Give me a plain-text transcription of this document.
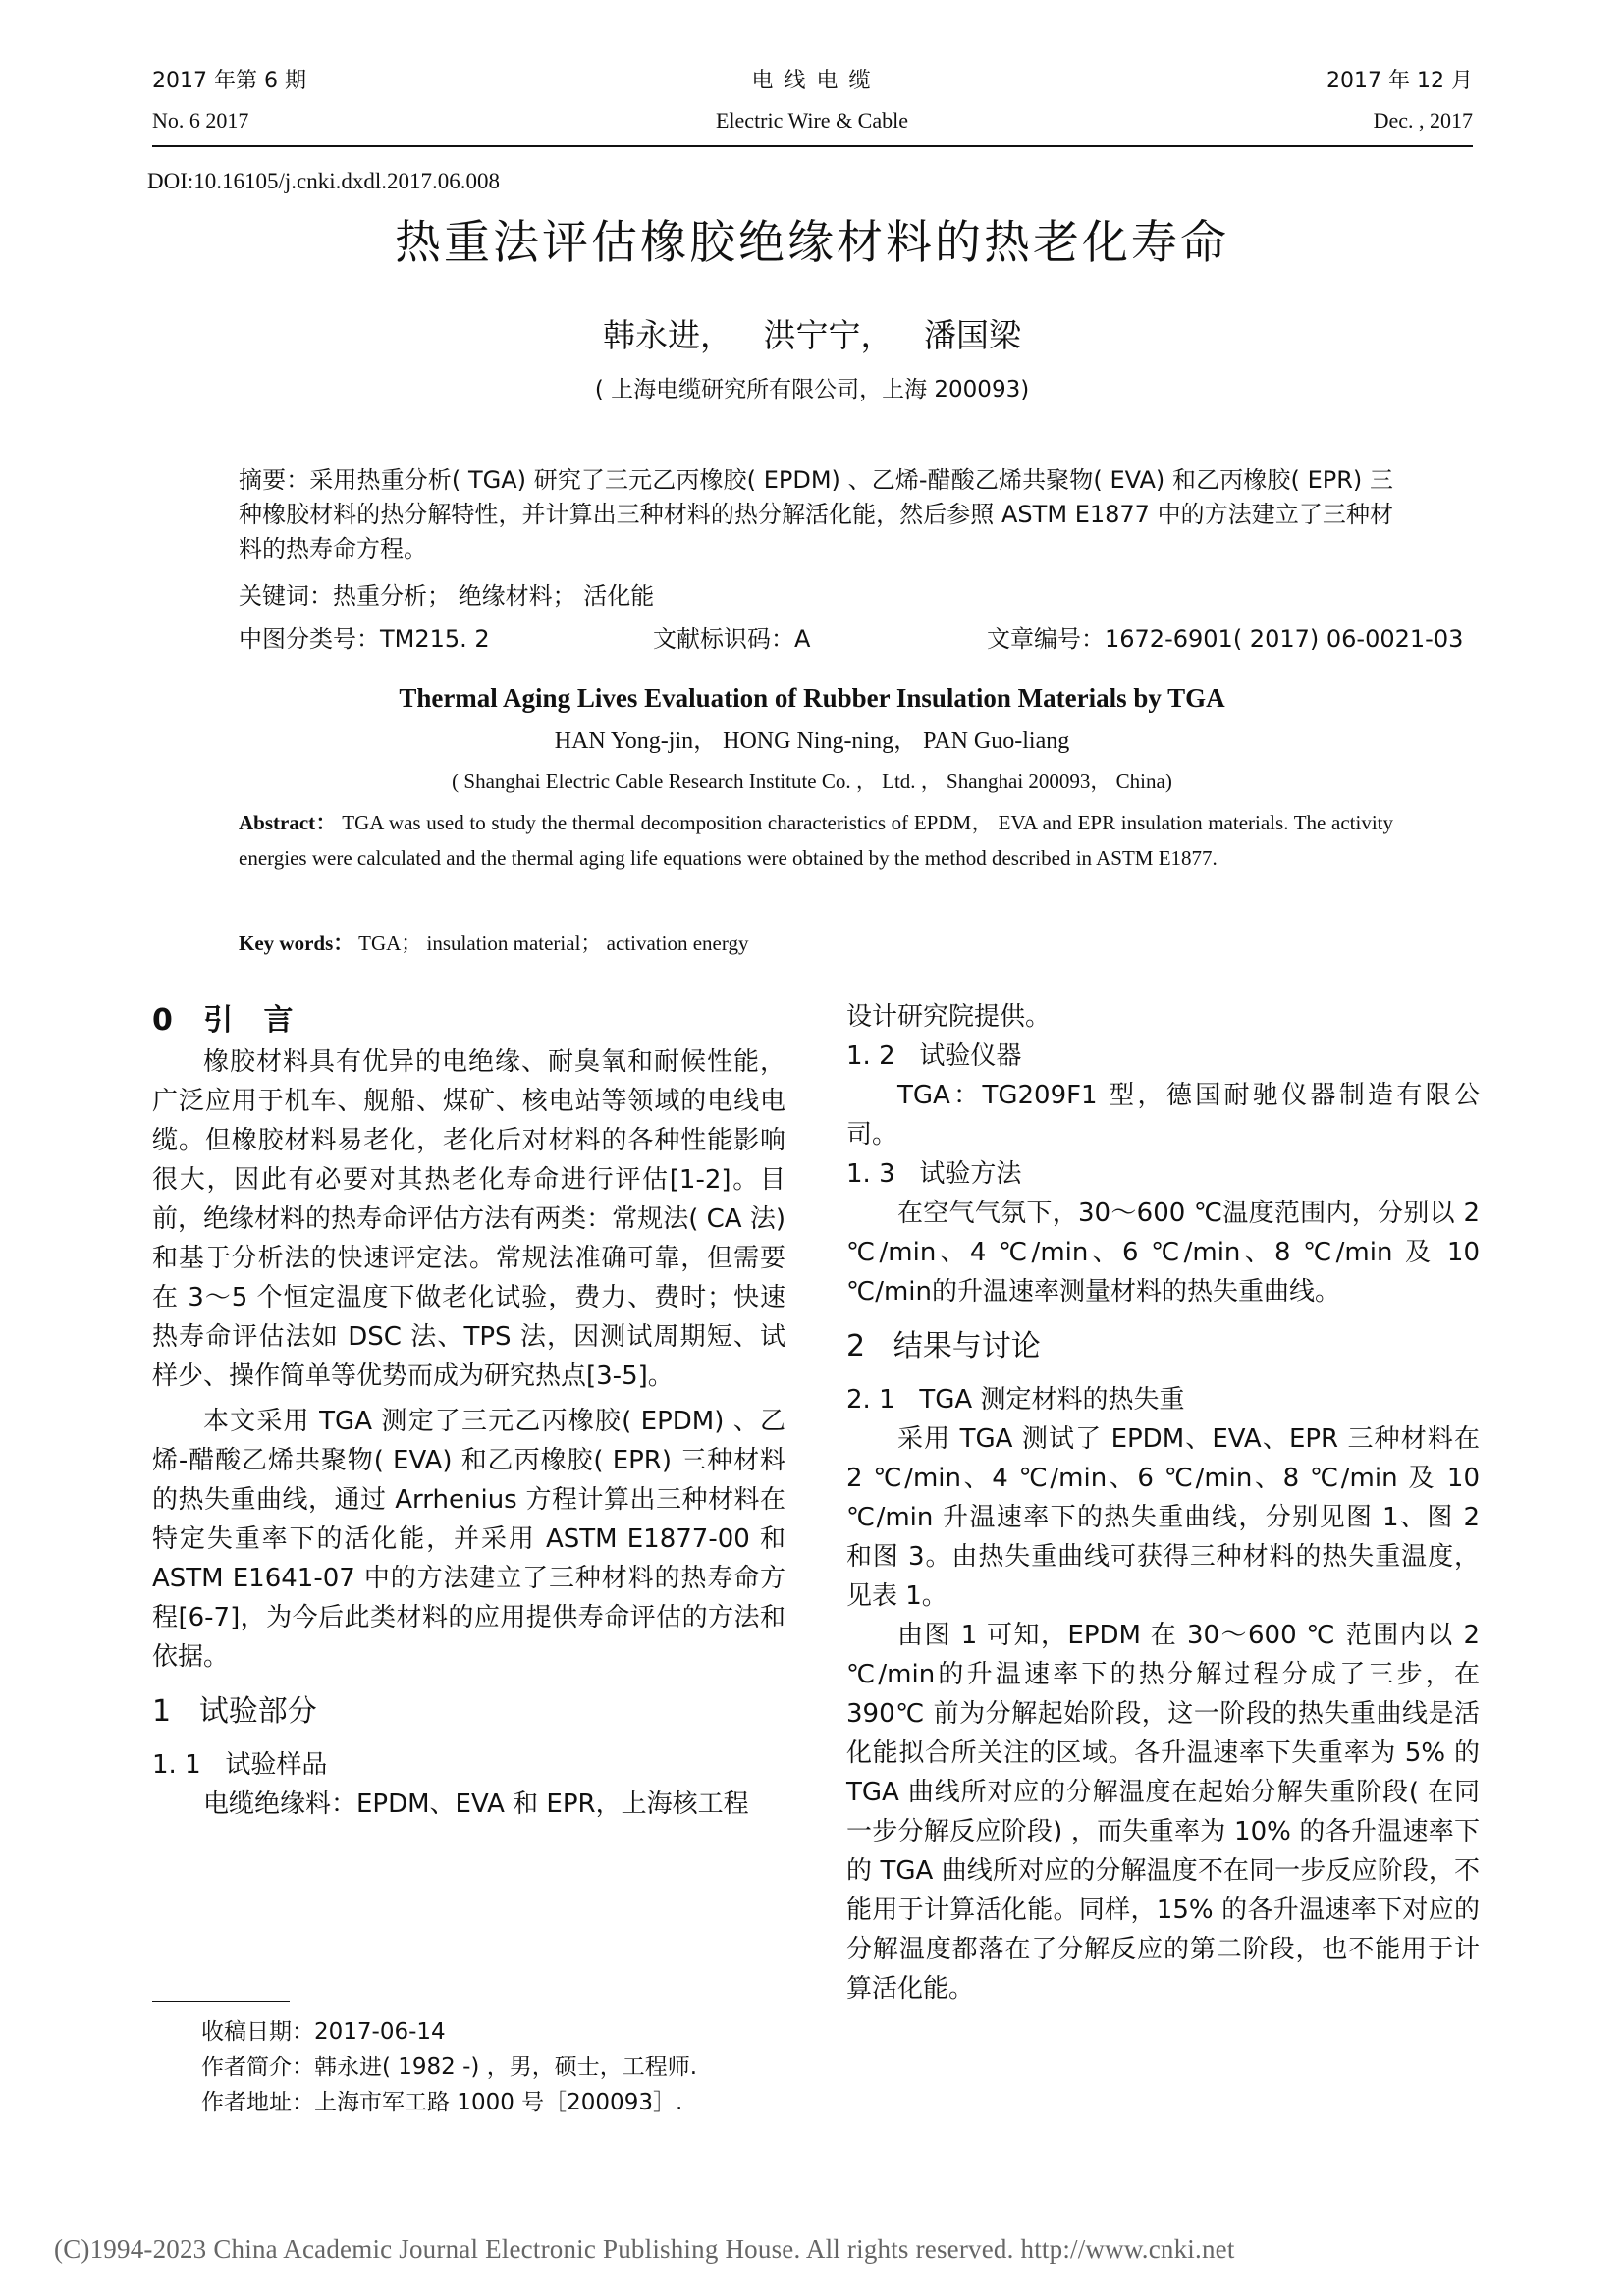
2017 年第 6 期
No. 6 2017
电 线 电 缆
Electric Wire & Cable
2017 年 12 月
Dec. , 2017
DOI:10.16105/j.cnki.dxdl.2017.06.008
热重法评估橡胶绝缘材料的热老化寿命
韩永进，   洪宁宁，   潘国梁
( 上海电缆研究所有限公司，上海 200093)
摘要：采用热重分析( TGA) 研究了三元乙丙橡胶( EPDM) 、乙烯-醋酸乙烯共聚物( EVA) 和乙丙橡胶( EPR) 三种橡胶材料的热分解特性，并计算出三种材料的热分解活化能，然后参照 ASTM E1877 中的方法建立了三种材料的热寿命方程。
关键词：热重分析； 绝缘材料； 活化能
中图分类号：TM215. 2	文献标识码：A	文章编号：1672-6901( 2017) 06-0021-03
Thermal Aging Lives Evaluation of Rubber Insulation Materials by TGA
HAN Yong-jin， HONG Ning-ning， PAN Guo-liang
( Shanghai Electric Cable Research Institute Co. ， Ltd. ， Shanghai 200093， China)
Abstract： TGA was used to study the thermal decomposition characteristics of EPDM， EVA and EPR insulation materials. The activity energies were calculated and the thermal aging life equations were obtained by the method described in ASTM E1877.
Key words： TGA； insulation material； activation energy
0   引   言

橡胶材料具有优异的电绝缘、耐臭氧和耐候性能，广泛应用于机车、舰船、煤矿、核电站等领域的电线电缆。但橡胶材料易老化，老化后对材料的各种性能影响很大，因此有必要对其热老化寿命进行评估[1-2]。目前，绝缘材料的热寿命评估方法有两类：常规法( CA 法) 和基于分析法的快速评定法。常规法准确可靠，但需要在 3～5 个恒定温度下做老化试验，费力、费时；快速热寿命评估法如 DSC 法、TPS 法，因测试周期短、试样少、操作简单等优势而成为研究热点[3-5]。

本文采用 TGA 测定了三元乙丙橡胶( EPDM) 、乙烯-醋酸乙烯共聚物( EVA) 和乙丙橡胶( EPR) 三种材料的热失重曲线，通过 Arrhenius 方程计算出三种材料在特定失重率下的活化能，并采用 ASTM E1877-00 和 ASTM E1641-07 中的方法建立了三种材料的热寿命方程[6-7]，为今后此类材料的应用提供寿命评估的方法和依据。

1   试验部分
1. 1   试验样品

电缆绝缘料：EPDM、EVA 和 EPR，上海核工程

收稿日期：2017-06-14
作者简介：韩永进( 1982 -) ，男，硕士，工程师.
作者地址：上海市军工路 1000 号［200093］.

设计研究院提供。

1. 2   试验仪器

TGA：TG209F1 型，德国耐驰仪器制造有限公司。

1. 3   试验方法

在空气气氛下，30～600 ℃温度范围内，分别以 2 ℃/min、4 ℃/min、6 ℃/min、8 ℃/min 及 10 ℃/min的升温速率测量材料的热失重曲线。

2   结果与讨论
2. 1   TGA 测定材料的热失重

采用 TGA 测试了 EPDM、EVA、EPR 三种材料在 2 ℃/min、4 ℃/min、6 ℃/min、8 ℃/min 及 10 ℃/min 升温速率下的热失重曲线，分别见图 1、图 2 和图 3。由热失重曲线可获得三种材料的热失重温度，见表 1。

由图 1 可知，EPDM 在 30～600 ℃ 范围内以 2 ℃/min的升温速率下的热分解过程分成了三步，在 390℃ 前为分解起始阶段，这一阶段的热失重曲线是活化能拟合所关注的区域。各升温速率下失重率为 5% 的 TGA 曲线所对应的分解温度在起始分解失重阶段( 在同一步分解反应阶段) ，而失重率为 10% 的各升温速率下的 TGA 曲线所对应的分解温度不在同一步反应阶段，不能用于计算活化能。同样，15% 的各升温速率下对应的分解温度都落在了分解反应的第二阶段，也不能用于计算活化能。

(C)1994-2023 China Academic Journal Electronic Publishing House. All rights reserved. http://www.cnki.net
